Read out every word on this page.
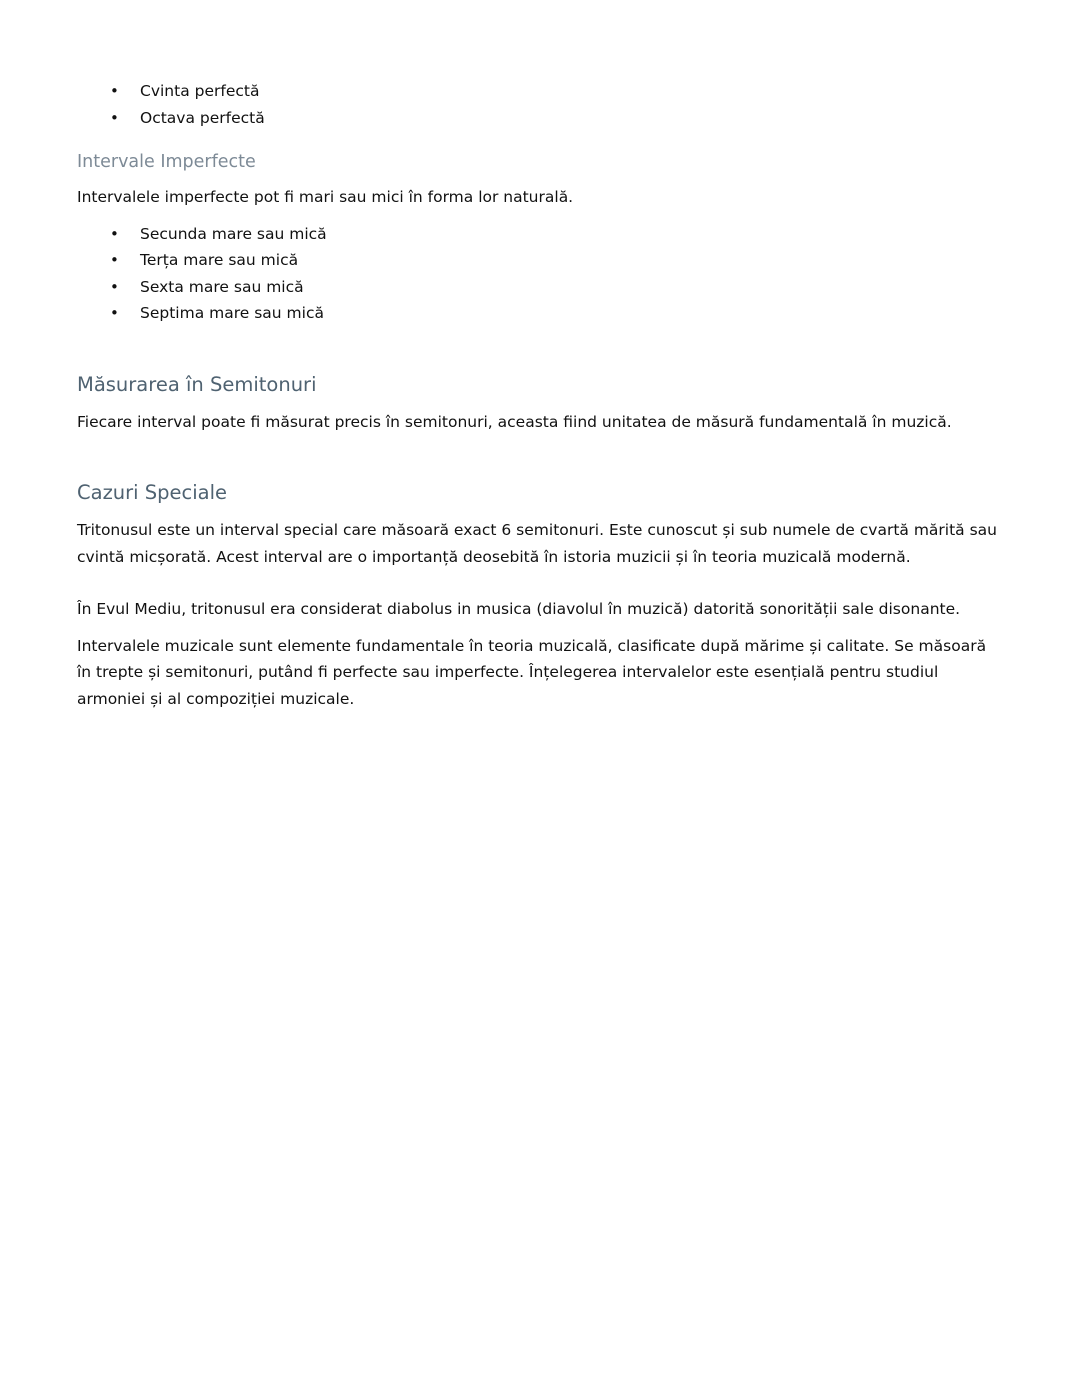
• Cvinta perfectă
• Octava perfectă
Intervale Imperfecte

Intervalele imperfecte pot fi mari sau mici în forma lor naturală.

• Secunda mare sau mică
• Terța mare sau mică
• Sexta mare sau mică
• Septima mare sau mică
Măsurarea în Semitonuri

Fiecare interval poate fi măsurat precis în semitonuri, aceasta fiind unitatea de măsură fundamentală în muzică.

Cazuri Speciale

Tritonusul este un interval special care măsoară exact 6 semitonuri. Este cunoscut și sub numele de cvartă mărită sau cvintă micșorată. Acest interval are o importanță deosebită în istoria muzicii și în teoria muzicală modernă.

În Evul Mediu, tritonusul era considerat diabolus in musica (diavolul în muzică) datorită sonorității sale disonante.

Intervalele muzicale sunt elemente fundamentale în teoria muzicală, clasificate după mărime și calitate. Se măsoară în trepte și semitonuri, putând fi perfecte sau imperfecte. Înțelegerea intervalelor este esențială pentru studiul armoniei și al compoziției muzicale.
